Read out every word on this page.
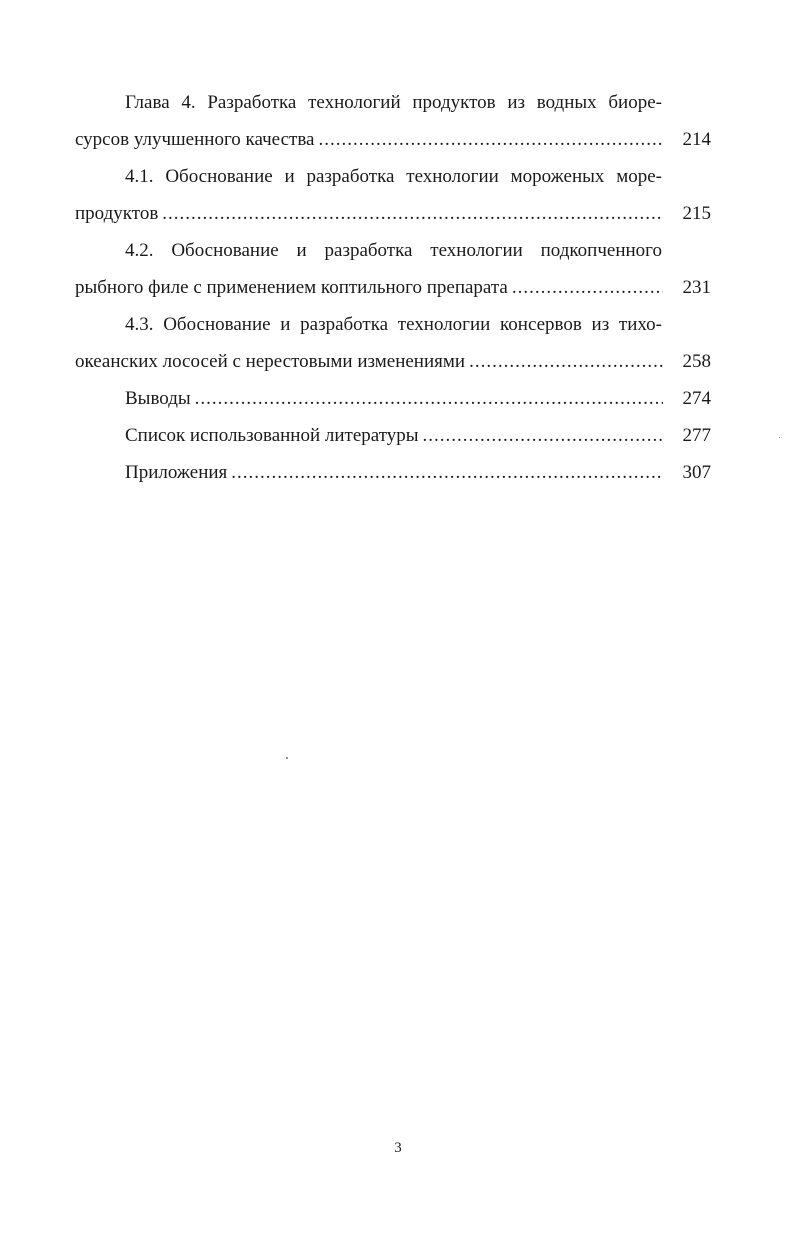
Глава 4. Разработка технологий продуктов из водных биоре-
сурсов улучшенного качества .....	214
4.1. Обоснование и разработка технологии мороженых море-
продуктов .....	215
4.2. Обоснование и разработка технологии подкопченного
рыбного филе с применением коптильного препарата .....	231
4.3. Обоснование и разработка технологии консервов из тихо-
океанских лососей с нерестовыми изменениями .....	258
Выводы .....	274
Список использованной литературы .....	277
Приложения .....	307
3
